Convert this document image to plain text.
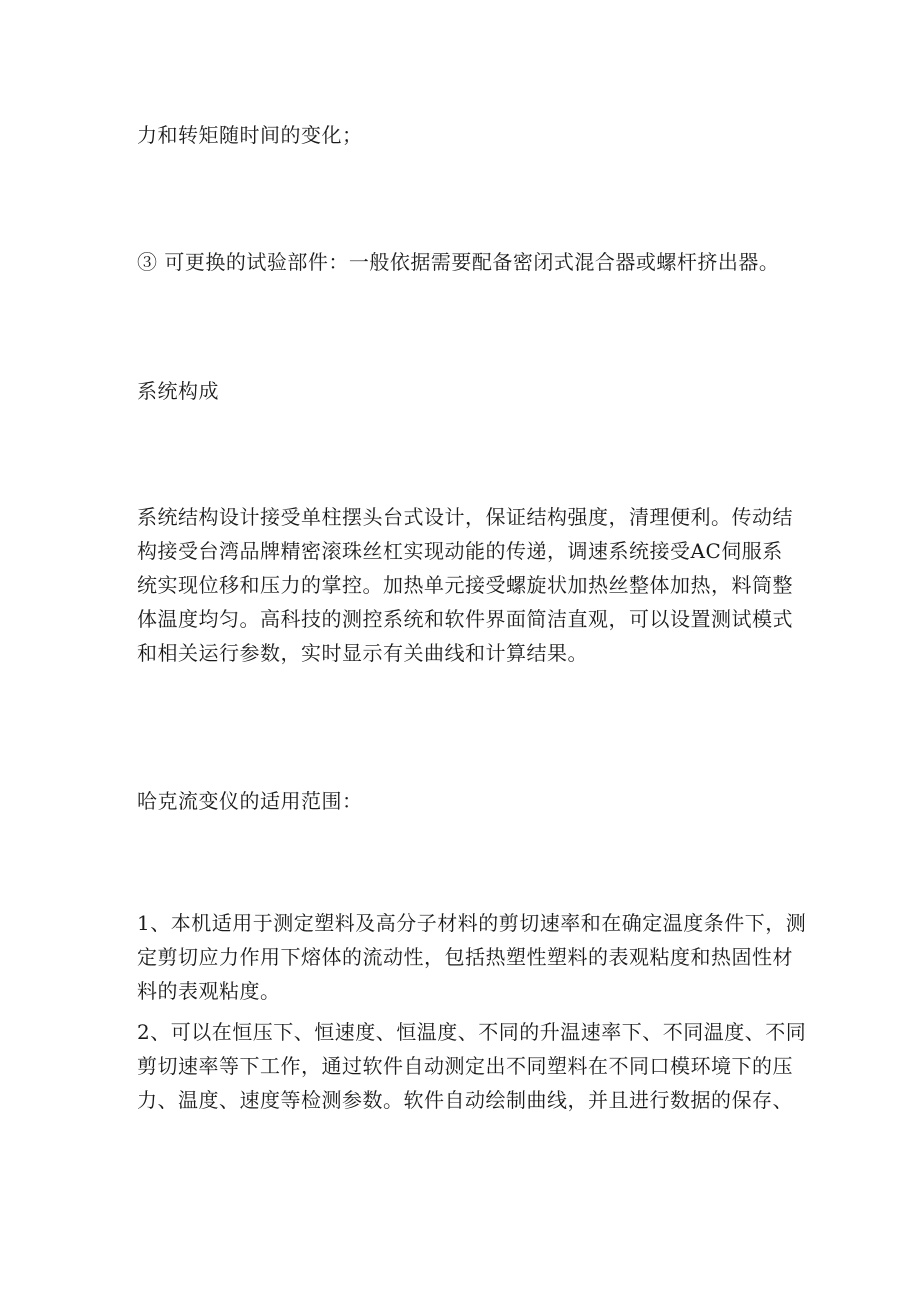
力和转矩随时间的变化；
③ 可更换的试验部件：一般依据需要配备密闭式混合器或螺杆挤出器。
系统构成
系统结构设计接受单柱摆头台式设计，保证结构强度，清理便利。传动结
构接受台湾品牌精密滚珠丝杠实现动能的传递，调速系统接受AC伺服系
统实现位移和压力的掌控。加热单元接受螺旋状加热丝整体加热，料筒整
体温度均匀。高科技的测控系统和软件界面简洁直观，可以设置测试模式
和相关运行参数，实时显示有关曲线和计算结果。
哈克流变仪的适用范围：
1、本机适用于测定塑料及高分子材料的剪切速率和在确定温度条件下，测
定剪切应力作用下熔体的流动性，包括热塑性塑料的表观粘度和热固性材
料的表观粘度。
2、可以在恒压下、恒速度、恒温度、不同的升温速率下、不同温度、不同
剪切速率等下工作，通过软件自动测定出不同塑料在不同口模环境下的压
力、温度、速度等检测参数。软件自动绘制曲线，并且进行数据的保存、
